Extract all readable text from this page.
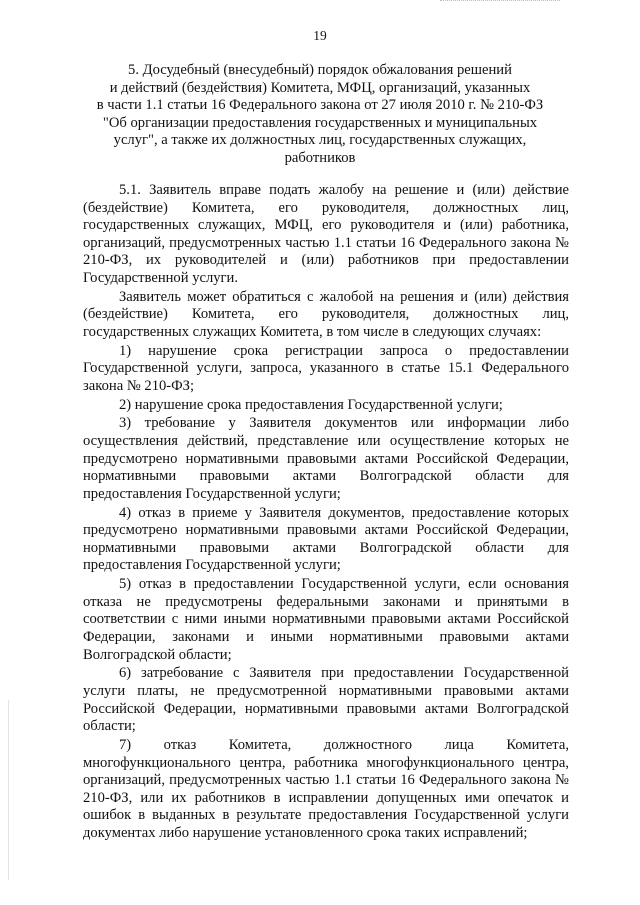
19
5. Досудебный (внесудебный) порядок обжалования решений
и действий (бездействия) Комитета, МФЦ, организаций, указанных
в части 1.1 статьи 16 Федерального закона от 27 июля 2010 г. № 210-ФЗ
"Об организации предоставления государственных и муниципальных
услуг", а также их должностных лиц, государственных служащих,
работников

5.1. Заявитель вправе подать жалобу на решение и (или) действие (бездействие) Комитета, его руководителя, должностных лиц, государственных служащих, МФЦ, его руководителя и (или) работника, организаций, предусмотренных частью 1.1 статьи 16 Федерального закона № 210-ФЗ, их руководителей и (или) работников при предоставлении Государственной услуги.

Заявитель может обратиться с жалобой на решения и (или) действия (бездействие) Комитета, его руководителя, должностных лиц, государственных служащих Комитета, в том числе в следующих случаях:

1) нарушение срока регистрации запроса о предоставлении Государственной услуги, запроса, указанного в статье 15.1 Федерального закона № 210-ФЗ;

2) нарушение срока предоставления Государственной услуги;

3) требование у Заявителя документов или информации либо осуществления действий, представление или осуществление которых не предусмотрено нормативными правовыми актами Российской Федерации, нормативными правовыми актами Волгоградской области для предоставления Государственной услуги;

4) отказ в приеме у Заявителя документов, предоставление которых предусмотрено нормативными правовыми актами Российской Федерации, нормативными правовыми актами Волгоградской области для предоставления Государственной услуги;

5) отказ в предоставлении Государственной услуги, если основания отказа не предусмотрены федеральными законами и принятыми в соответствии с ними иными нормативными правовыми актами Российской Федерации, законами и иными нормативными правовыми актами Волгоградской области;

6) затребование с Заявителя при предоставлении Государственной услуги платы, не предусмотренной нормативными правовыми актами Российской Федерации, нормативными правовыми актами Волгоградской области;

7) отказ Комитета, должностного лица Комитета, многофункционального центра, работника многофункционального центра, организаций, предусмотренных частью 1.1 статьи 16 Федерального закона № 210-ФЗ, или их работников в исправлении допущенных ими опечаток и ошибок в выданных в результате предоставления Государственной услуги документах либо нарушение установленного срока таких исправлений;
